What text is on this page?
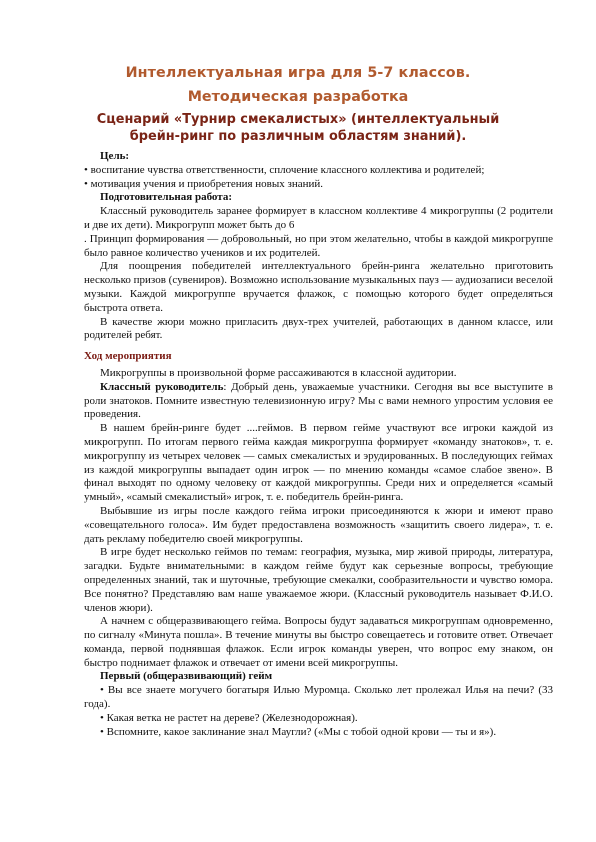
Интеллектуальная игра для 5-7 классов.
Методическая разработка
Сценарий «Турнир смекалистых» (интеллектуальный брейн-ринг по различным областям знаний).

Цель:

• воспитание чувства ответственности, сплочение классного коллектива и родителей;

• мотивация учения и приобретения новых знаний.

Подготовительная работа:

Классный руководитель заранее формирует в классном коллективе 4 микрогруппы (2 родители и две их дети). Микрогрупп может быть до 6

. Принцип формирования — добровольный, но при этом желательно, чтобы в каждой микрогруппе было равное количество учеников и их родителей.

Для поощрения победителей интеллектуального брейн-ринга желательно приготовить несколько призов (сувениров). Возможно использование музыкальных пауз — аудиозаписи веселой музыки. Каждой микрогруппе вручается флажок, с помощью которого будет определяться быстрота ответа.

В качестве жюри можно пригласить двух-трех учителей, работающих в данном классе, или родителей ребят.

Ход мероприятия

Микрогруппы в произвольной форме рассаживаются в классной аудитории.

Классный руководитель: Добрый день, уважаемые участники. Сегодня вы все выступите в роли знатоков. Помните известную телевизионную игру? Мы с вами немного упростим условия ее проведения.

В нашем брейн-ринге будет ....геймов. В первом гейме участвуют все игроки каждой из микрогрупп. По итогам первого гейма каждая микрогруппа формирует «команду знатоков», т. е. микрогруппу из четырех человек — самых смекалистых и эрудированных. В последующих геймах из каждой микрогруппы выпадает один игрок — по мнению команды «самое слабое звено». В финал выходят по одному человеку от каждой микрогруппы. Среди них и определяется «самый умный», «самый смекалистый» игрок, т. е. победитель брейн-ринга.

Выбывшие из игры после каждого гейма игроки присоединяются к жюри и имеют право «совещательного голоса». Им будет предоставлена возможность «защитить своего лидера», т. е. дать рекламу победителю своей микрогруппы.

В игре будет несколько геймов по темам: география, музыка, мир живой природы, литература, загадки. Будьте внимательными: в каждом гейме будут как серьезные вопросы, требующие определенных знаний, так и шуточные, требующие смекалки, сообразительности и чувство юмора. Все понятно? Представляю вам наше уважаемое жюри. (Классный руководитель называет Ф.И.О. членов жюри).

А начнем с общеразвивающего гейма. Вопросы будут задаваться микрогруппам одновременно, по сигналу «Минута пошла». В течение минуты вы быстро совещаетесь и готовите ответ. Отвечает команда, первой поднявшая флажок. Если игрок команды уверен, что вопрос ему знаком, он быстро поднимает флажок и отвечает от имени всей микрогруппы.

Первый (общеразвивающий) гейм

• Вы все знаете могучего богатыря Илью Муромца. Сколько лет пролежал Илья на печи? (33 года).

• Какая ветка не растет на дереве? (Железнодорожная).

• Вспомните, какое заклинание знал Маугли? («Мы с тобой одной крови — ты и я»).
